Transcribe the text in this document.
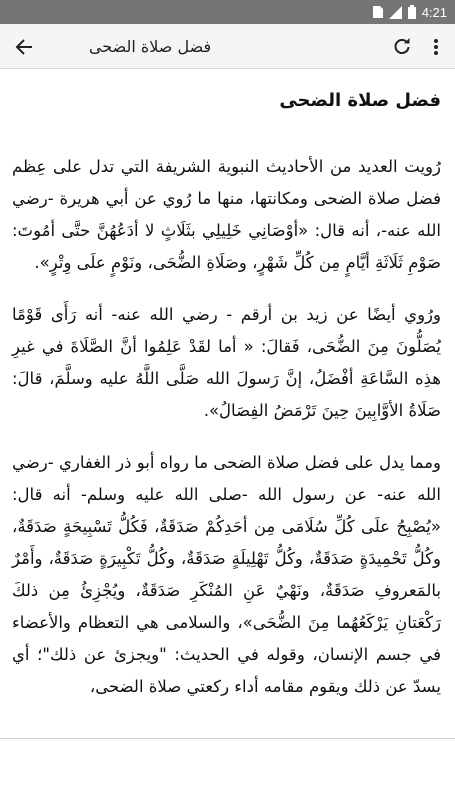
4:21
فضل صلاة الضحى
فضل صلاة الضحى

رُويت العديد من الأحاديث النبوية الشريفة التي تدل على عِظم فضل صلاة الضحى ومكانتها، منها ما رُوي عن أبي هريرة -رضي الله عنه-، أنه قال: «أوْصَانِي خَلِيلِي بثَلَاثٍ لا أدَعُهُنَّ حتَّى أمُوتَ: صَوْمِ ثَلَاثَةِ أيَّامٍ مِن كُلِّ شَهْرٍ، وصَلَاةِ الضُّحَى، ونَوْمٍ علَى وِتْرٍ».

ورُوي أيضًا عن زيد بن أرقم - رضي الله عنه- أنه رَأَى قَوْمًا يُصَلُّونَ مِنَ الضُّحَى، فَقالَ: « أما لقَدْ عَلِمُوا أنَّ الصَّلَاةَ في غيرِ هذِه السَّاعَةِ أفْضَلُ، إنَّ رَسولَ الله صَلَّى اللَّهُ عليه وسلَّمَ، قالَ: صَلَاةُ الأوَّابِينَ حِينَ تَرْمَضُ الفِصَالُ».

ومما يدل على فضل صلاة الضحى ما رواه أبو ذر الغفاري -رضي الله عنه- عن رسول الله -صلى الله عليه وسلم- أنه قال: «يُصْبِحُ علَى كُلِّ سُلَامَى مِن أحَدِكُمْ صَدَقَةٌ، فَكُلُّ تَسْبِيحَةٍ صَدَقَةٌ، وكُلُّ تَحْمِيدَةٍ صَدَقَةٌ، وكُلُّ تَهْلِيلَةٍ صَدَقَةٌ، وكُلُّ تَكْبِيرَةٍ صَدَقَةٌ، وأَمْرٌ بالمَعروفِ صَدَقَةٌ، ونَهْيٌ عَنِ المُنْكَرِ صَدَقَةٌ، ويُجْزِئُ مِن ذلكَ رَكْعَتانِ يَرْكَعُهُما مِنَ الضُّحَى»، والسلامى هي التعظام والأعضاء في جسم الإنسان، وقوله في الحديث: "ويجزئ عن ذلك"؛ أي يسدّ عن ذلك ويقوم مقامه أداء ركعتي صلاة الضحى،
